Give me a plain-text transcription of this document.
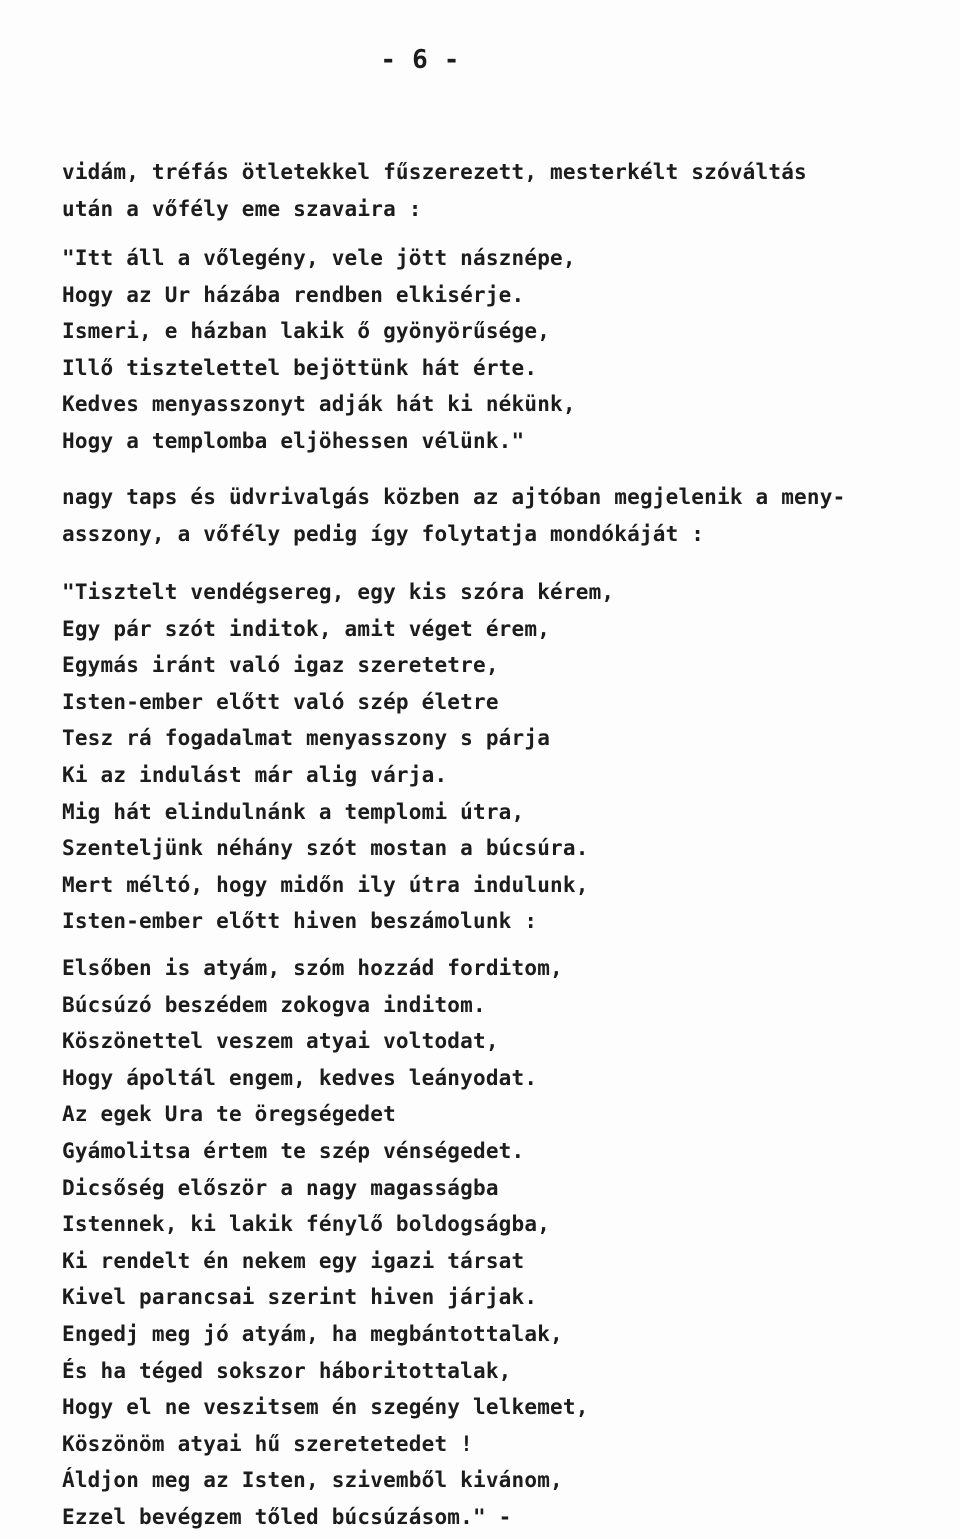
- 6 -
vidám, tréfás ötletekkel fűszerezett, mesterkélt szóváltás
után a vőfély eme szavaira :
"Itt áll a vőlegény, vele jött násznépe,
Hogy az Ur házába rendben elkisérje.
Ismeri, e házban lakik ő gyönyörűsége,
Illő tisztelettel bejöttünk hát érte.
Kedves menyasszonyt adják hát ki nékünk,
Hogy a templomba eljöhessen vélünk."
nagy taps és üdvrivalgás közben az ajtóban megjelenik a meny-
asszony, a vőfély pedig így folytatja mondókáját :
"Tisztelt vendégsereg, egy kis szóra kérem,
Egy pár szót inditok, amit véget érem,
Egymás iránt való igaz szeretetre,
Isten-ember előtt való szép életre
Tesz rá fogadalmat menyasszony s párja
Ki az indulást már alig várja.
Mig hát elindulnánk a templomi útra,
Szenteljünk néhány szót mostan a búcsúra.
Mert méltó, hogy midőn ily útra indulunk,
Isten-ember előtt hiven beszámolunk :
Elsőben is atyám, szóm hozzád forditom,
Búcsúzó beszédem zokogva inditom.
Köszönettel veszem atyai voltodat,
Hogy ápoltál engem, kedves leányodat.
Az egek Ura te öregségedet
Gyámolitsa értem te szép vénségedet.
Dicsőség először a nagy magasságba
Istennek, ki lakik fénylő boldogságba,
Ki rendelt én nekem egy igazi társat
Kivel parancsai szerint hiven járjak.
Engedj meg jó atyám, ha megbántottalak,
És ha téged sokszor háboritottalak,
Hogy el ne veszitsem én szegény lelkemet,
Köszönöm atyai hű szeretetedet !
Áldjon meg az Isten, szivemből kivánom,
Ezzel bevégzem tőled búcsúzásom." -
